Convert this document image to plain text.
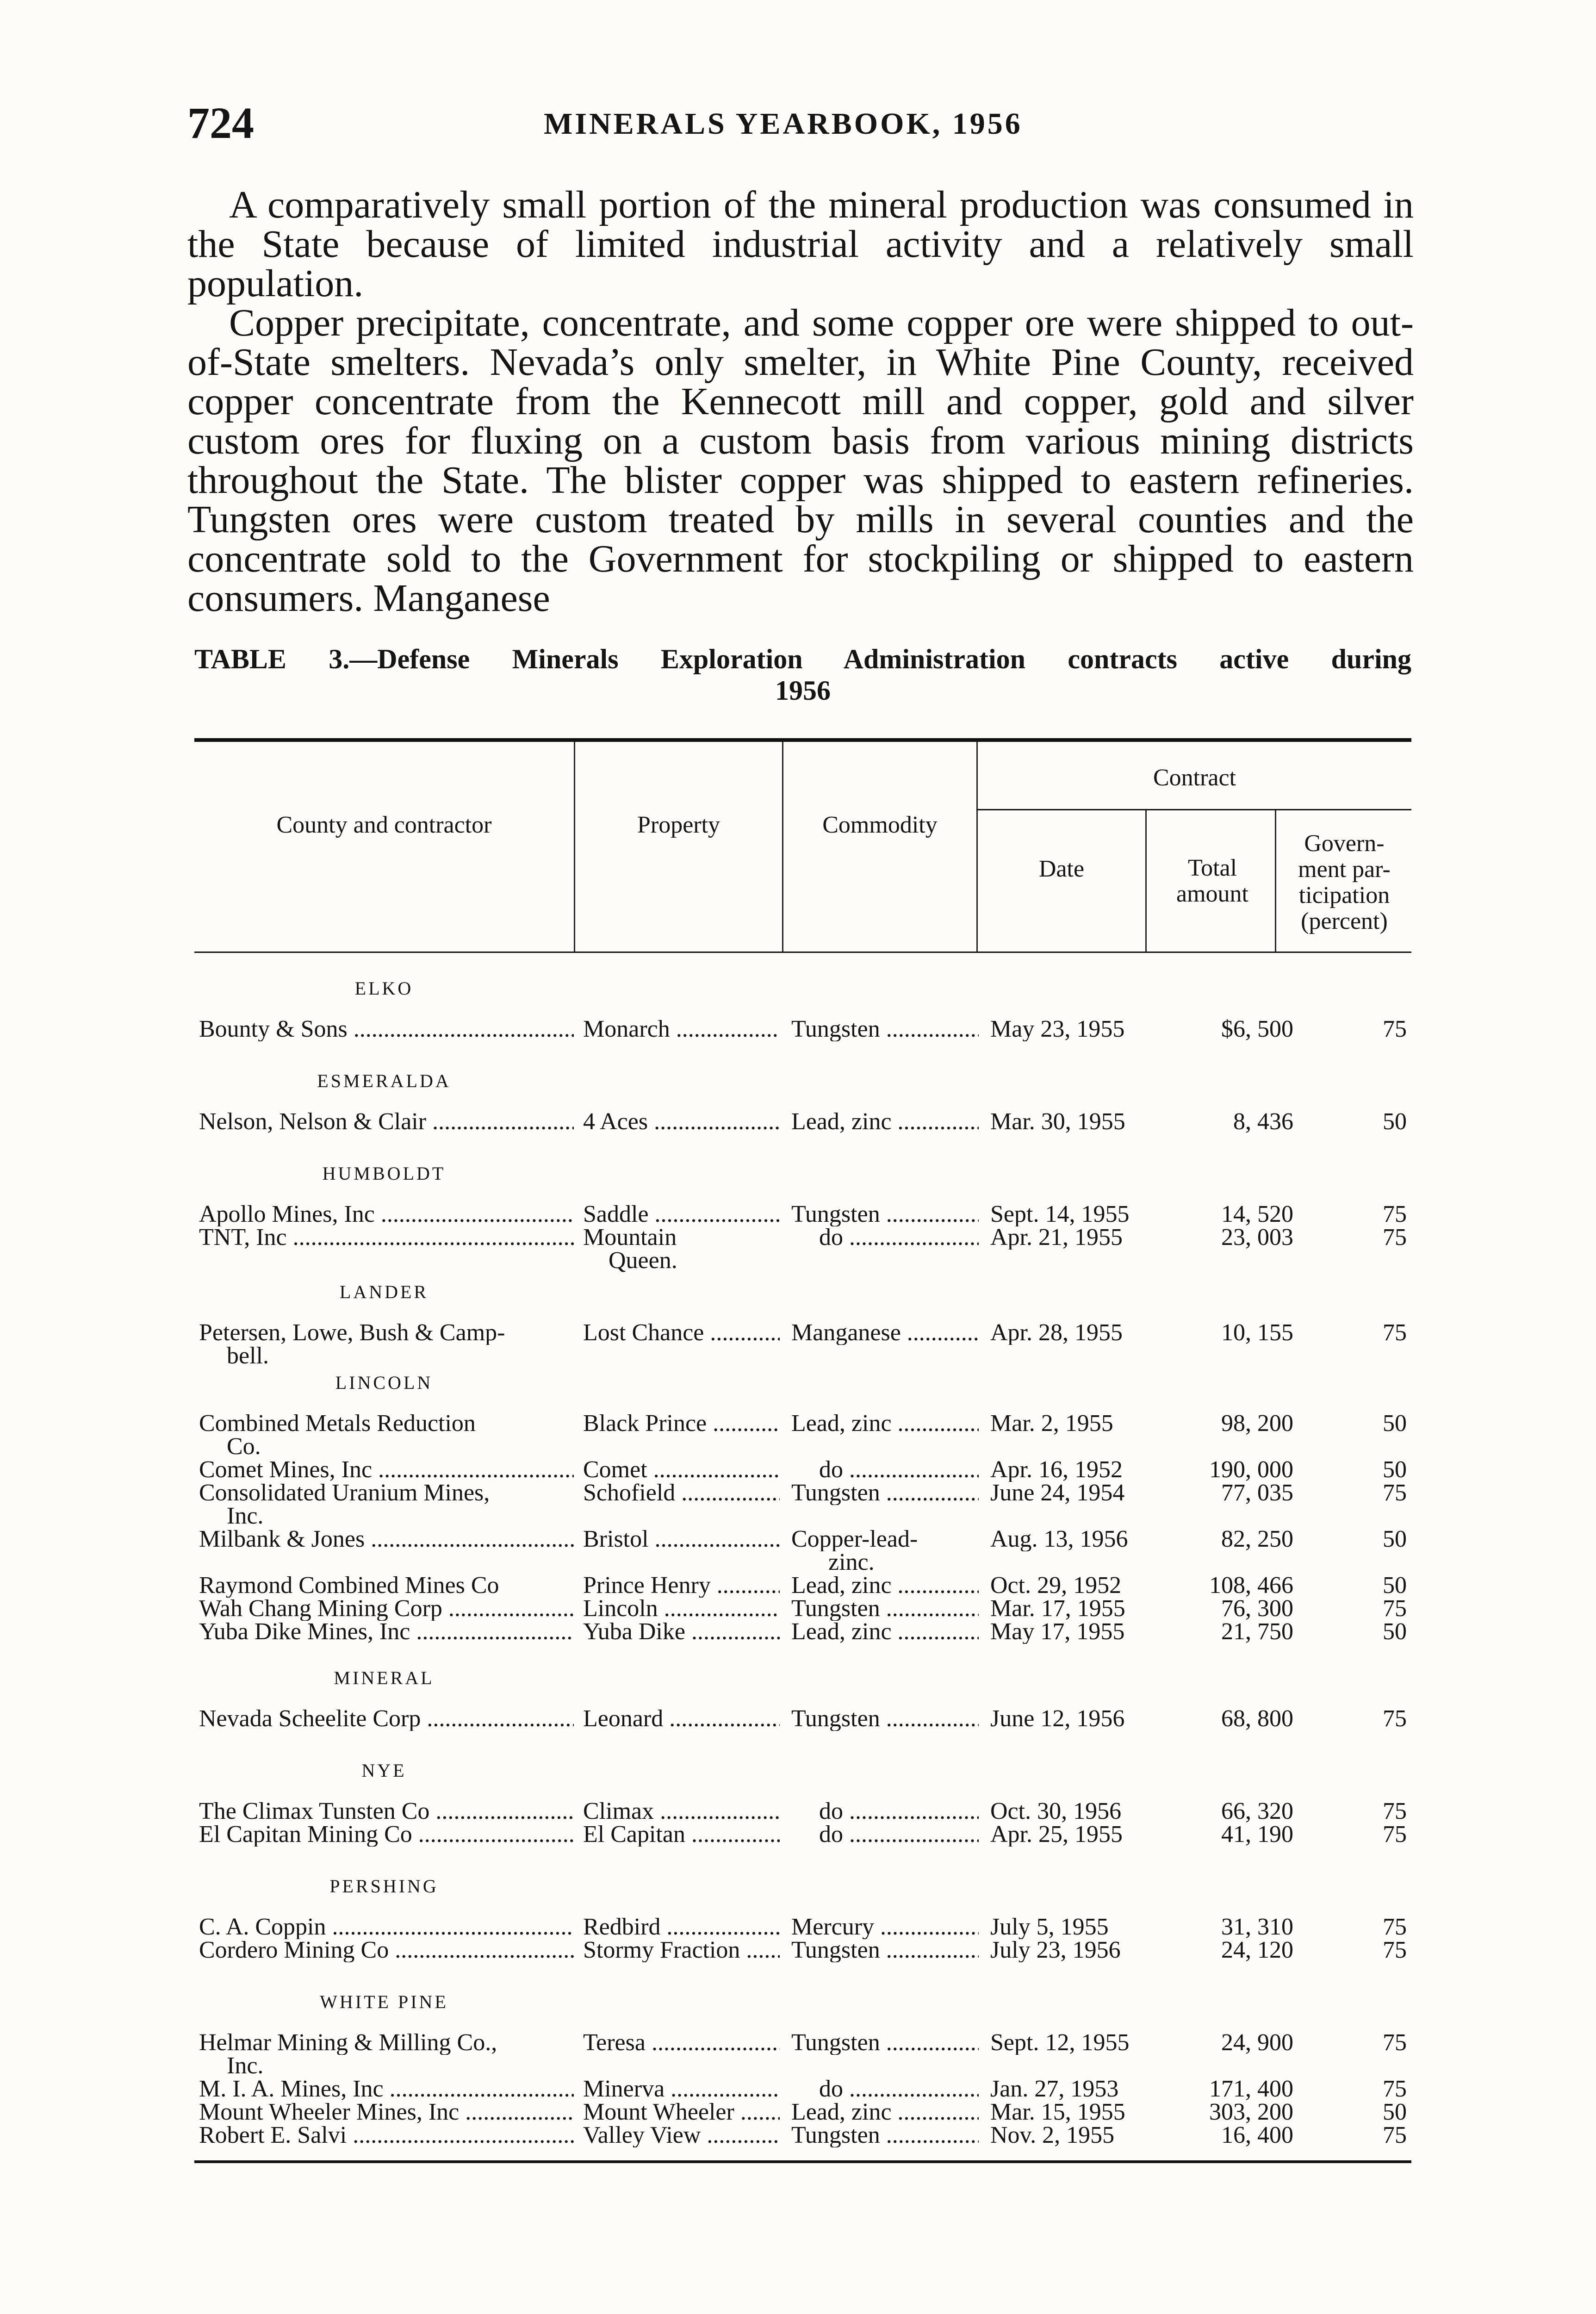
724	MINERALS YEARBOOK, 1956

A comparatively small portion of the mineral production was consumed in the State because of limited industrial activity and a relatively small population.

Copper precipitate, concentrate, and some copper ore were shipped to out-of-State smelters. Nevada’s only smelter, in White Pine County, received copper concentrate from the Kennecott mill and copper, gold and silver custom ores for fluxing on a custom basis from various mining districts throughout the State. The blister copper was shipped to eastern refineries. Tungsten ores were custom treated by mills in several counties and the concentrate sold to the Government for stockpiling or shipped to eastern consumers. Manganese

TABLE 3.—Defense Minerals Exploration Administration contracts active during
1956
County and contractor	Property	Commodity
Contract
Date	Total amount
Govern-ment par-ticipation (percent)
ELKO
Bounty & Sons .....	Monarch .....	Tungsten .....	May 23, 1955	$6, 500	75
ESMERALDA
Nelson, Nelson & Clair .....	4 Aces .....	Lead, zinc .....	Mar. 30, 1955	8, 436	50
HUMBOLDT
Apollo Mines, Inc .....	Saddle .....	Tungsten .....	Sept. 14, 1955	14, 520	75
TNT, Inc .....	Mountain	do .....	Apr. 21, 1955	23, 003	75
Queen.
LANDER
Petersen, Lowe, Bush & Camp-	Lost Chance .....	Manganese .....	Apr. 28, 1955	10, 155	75
bell.
LINCOLN
Combined Metals Reduction	Black Prince .....	Lead, zinc .....	Mar. 2, 1955	98, 200	50
Co.
Comet Mines, Inc .....	Comet .....	do .....	Apr. 16, 1952	190, 000	50
Consolidated Uranium Mines,	Schofield .....	Tungsten .....	June 24, 1954	77, 035	75
Inc.
Milbank & Jones .....	Bristol .....	Copper-lead-	Aug. 13, 1956	82, 250	50
zinc.
Raymond Combined Mines Co	Prince Henry .....	Lead, zinc .....	Oct. 29, 1952	108, 466	50
Wah Chang Mining Corp .....	Lincoln .....	Tungsten .....	Mar. 17, 1955	76, 300	75
Yuba Dike Mines, Inc .....	Yuba Dike .....	Lead, zinc .....	May 17, 1955	21, 750	50
MINERAL
Nevada Scheelite Corp .....	Leonard .....	Tungsten .....	June 12, 1956	68, 800	75
NYE
The Climax Tunsten Co .....	Climax .....	do .....	Oct. 30, 1956	66, 320	75
El Capitan Mining Co .....	El Capitan .....	do .....	Apr. 25, 1955	41, 190	75
PERSHING
C. A. Coppin .....	Redbird .....	Mercury .....	July 5, 1955	31, 310	75
Cordero Mining Co .....	Stormy Fraction .....	Tungsten .....	July 23, 1956	24, 120	75
WHITE PINE
Helmar Mining & Milling Co.,	Teresa .....	Tungsten .....	Sept. 12, 1955	24, 900	75
Inc.
M. I. A. Mines, Inc .....	Minerva .....	do .....	Jan. 27, 1953	171, 400	75
Mount Wheeler Mines, Inc .....	Mount Wheeler .....	Lead, zinc .....	Mar. 15, 1955	303, 200	50
Robert E. Salvi .....	Valley View .....	Tungsten .....	Nov. 2, 1955	16, 400	75
